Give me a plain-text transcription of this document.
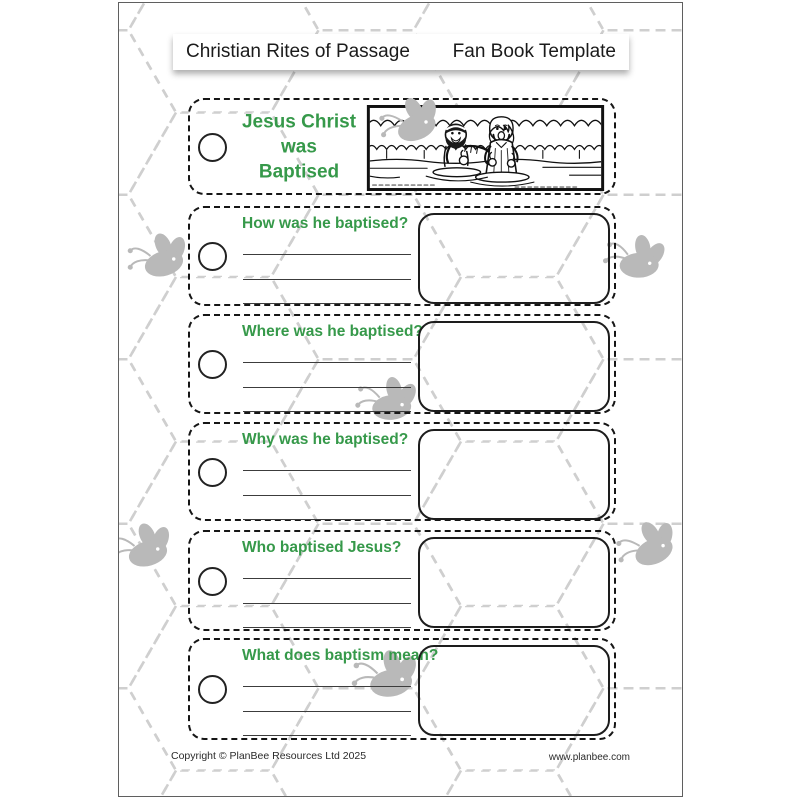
Christian Rites of Passage Fan Book Template
Jesus Christ
was
Baptised
How was he baptised?
Where was he baptised?
Why was he baptised?
Who baptised Jesus?
What does baptism mean?
Copyright © PlanBee Resources Ltd 2025	www.planbee.com
